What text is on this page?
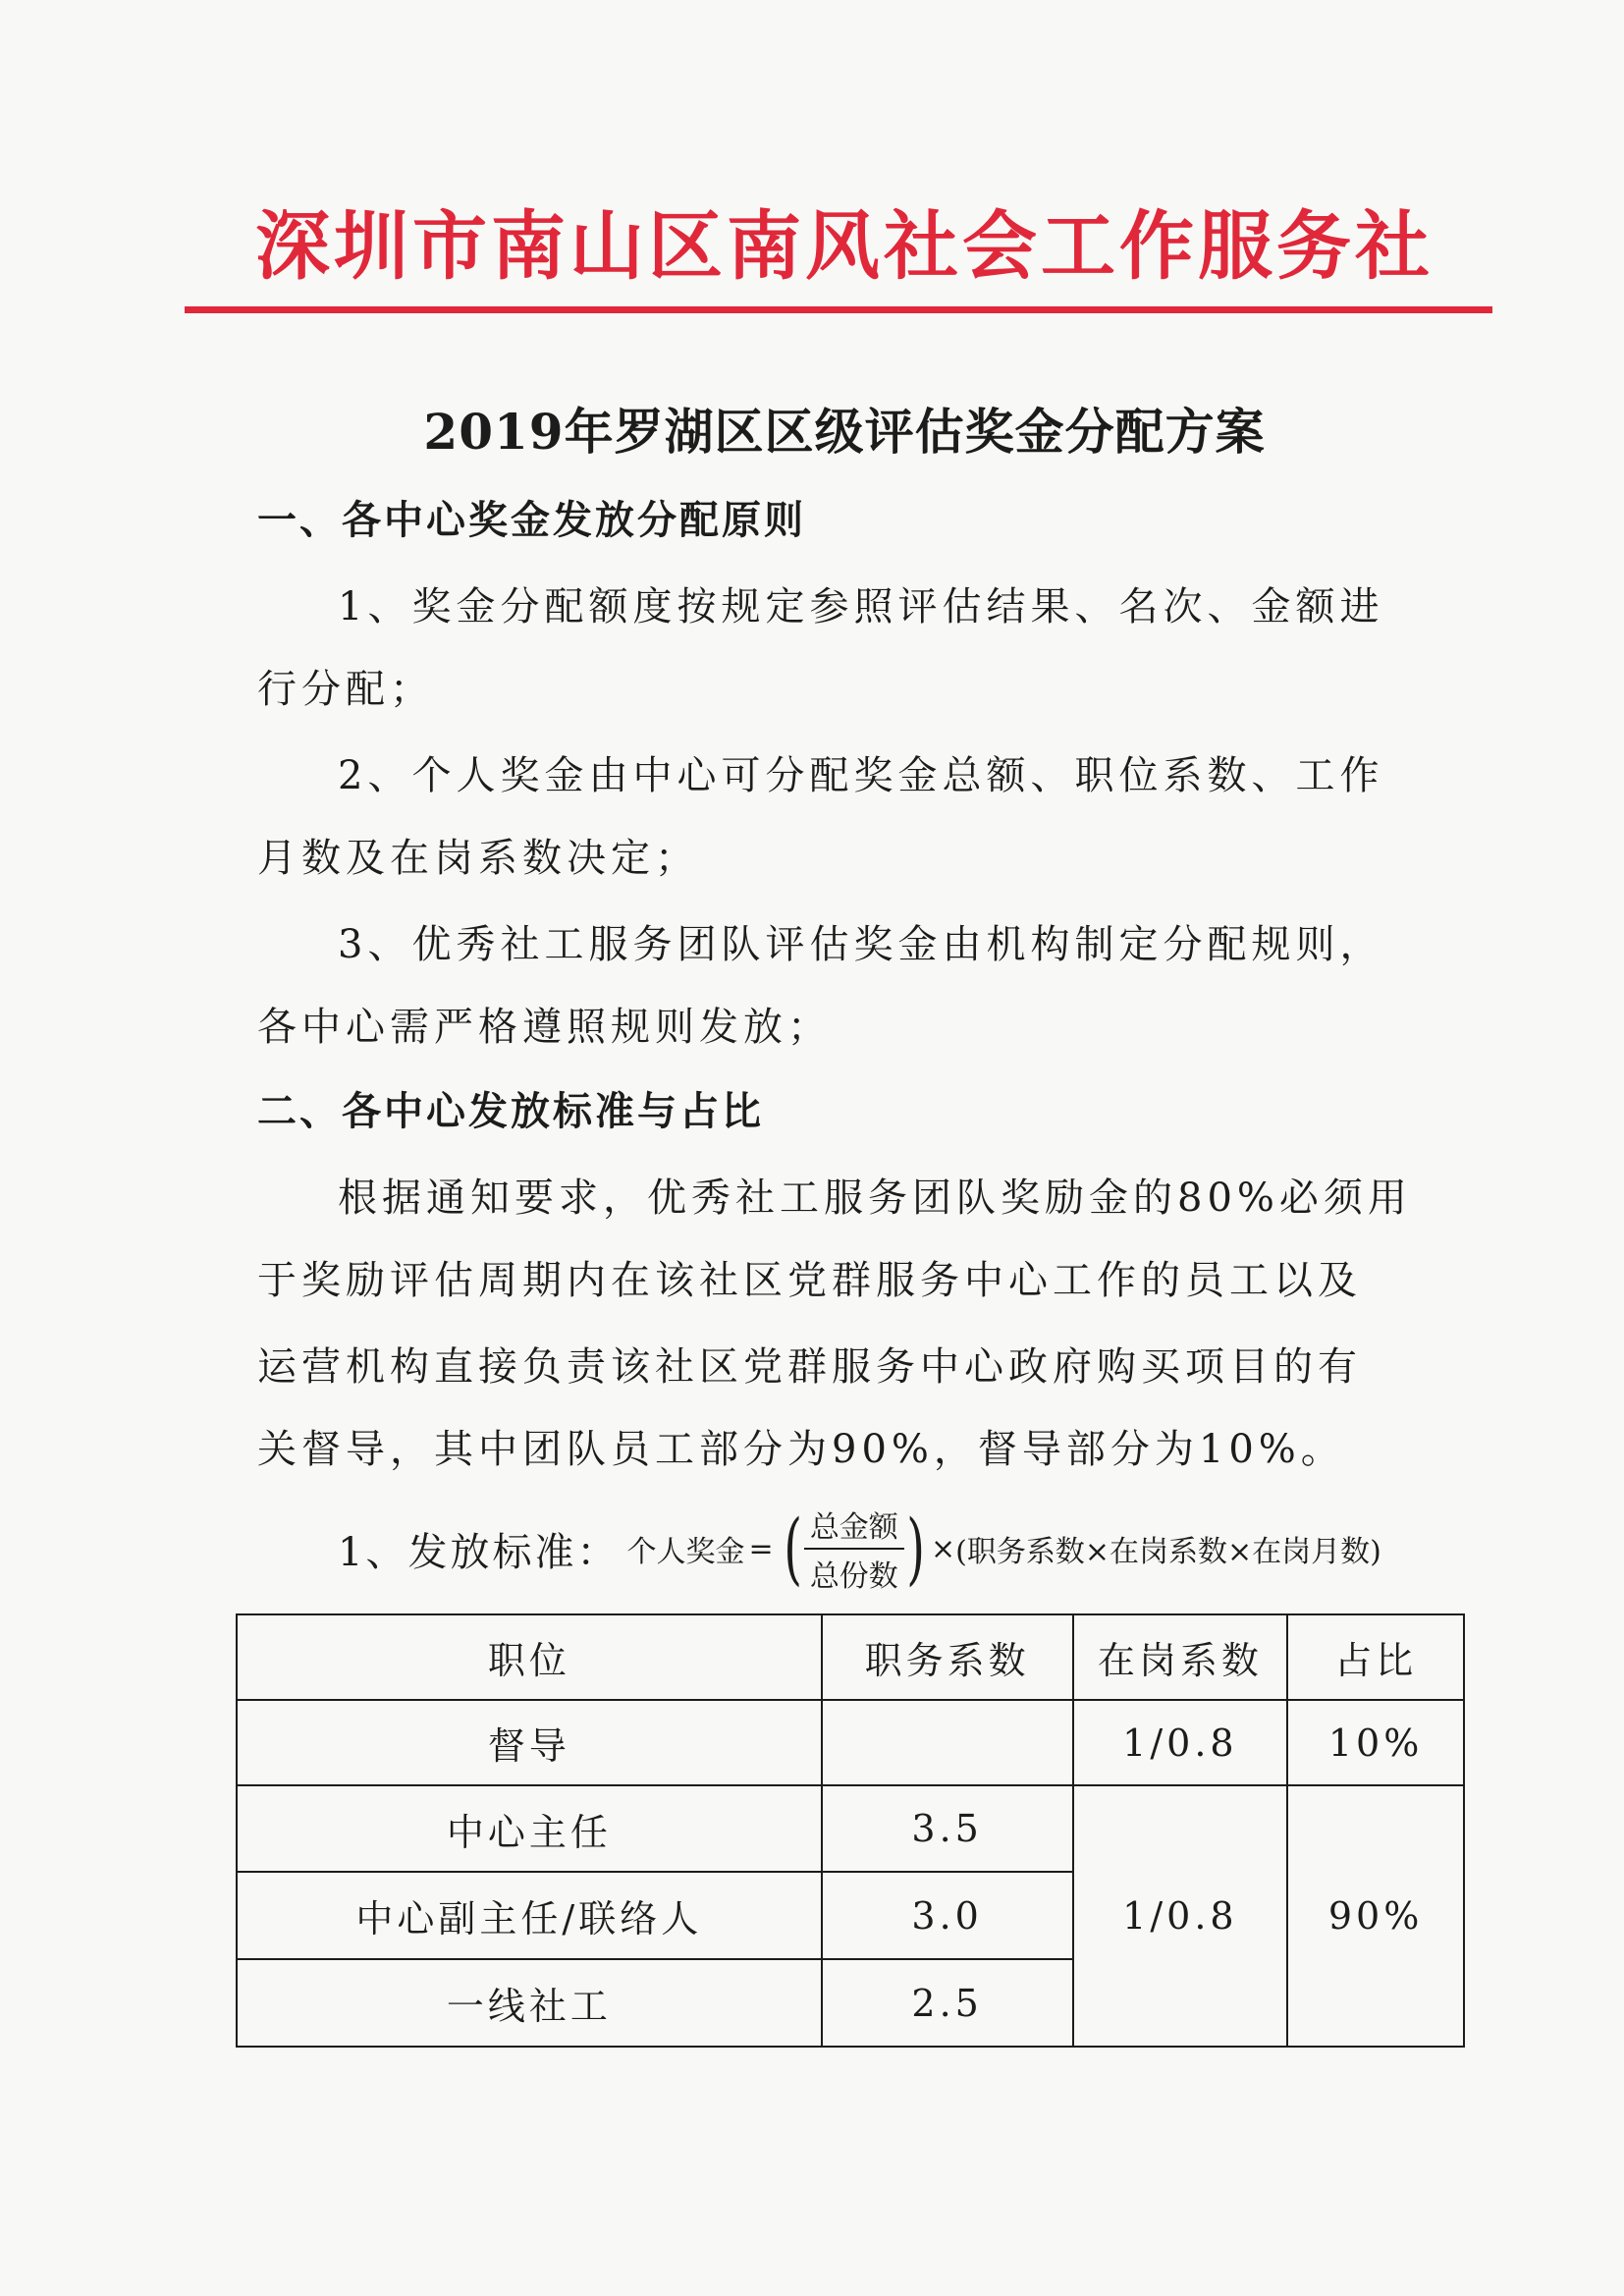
深圳市南山区南风社会工作服务社
2019年罗湖区区级评估奖金分配方案
一、各中心奖金发放分配原则
1、奖金分配额度按规定参照评估结果、名次、金额进
行分配；
2、个人奖金由中心可分配奖金总额、职位系数、工作
月数及在岗系数决定；
3、优秀社工服务团队评估奖金由机构制定分配规则，
各中心需严格遵照规则发放；
二、各中心发放标准与占比
根据通知要求，优秀社工服务团队奖励金的80%必须用
于奖励评估周期内在该社区党群服务中心工作的员工以及
运营机构直接负责该社区党群服务中心政府购买项目的有
关督导，其中团队员工部分为90%，督导部分为10%。
1、发放标准： 个人奖金 = ( $\frac{\text{总金额}}{\text{总份数}}$ ) × (职务系数×在岗系数×在岗月数)
职位	职务系数	在岗系数	占比
督导		1/0.8	10%
中心主任	3.5	1/0.8	90%
中心副主任/联络人	3.0		
一线社工	2.5		
